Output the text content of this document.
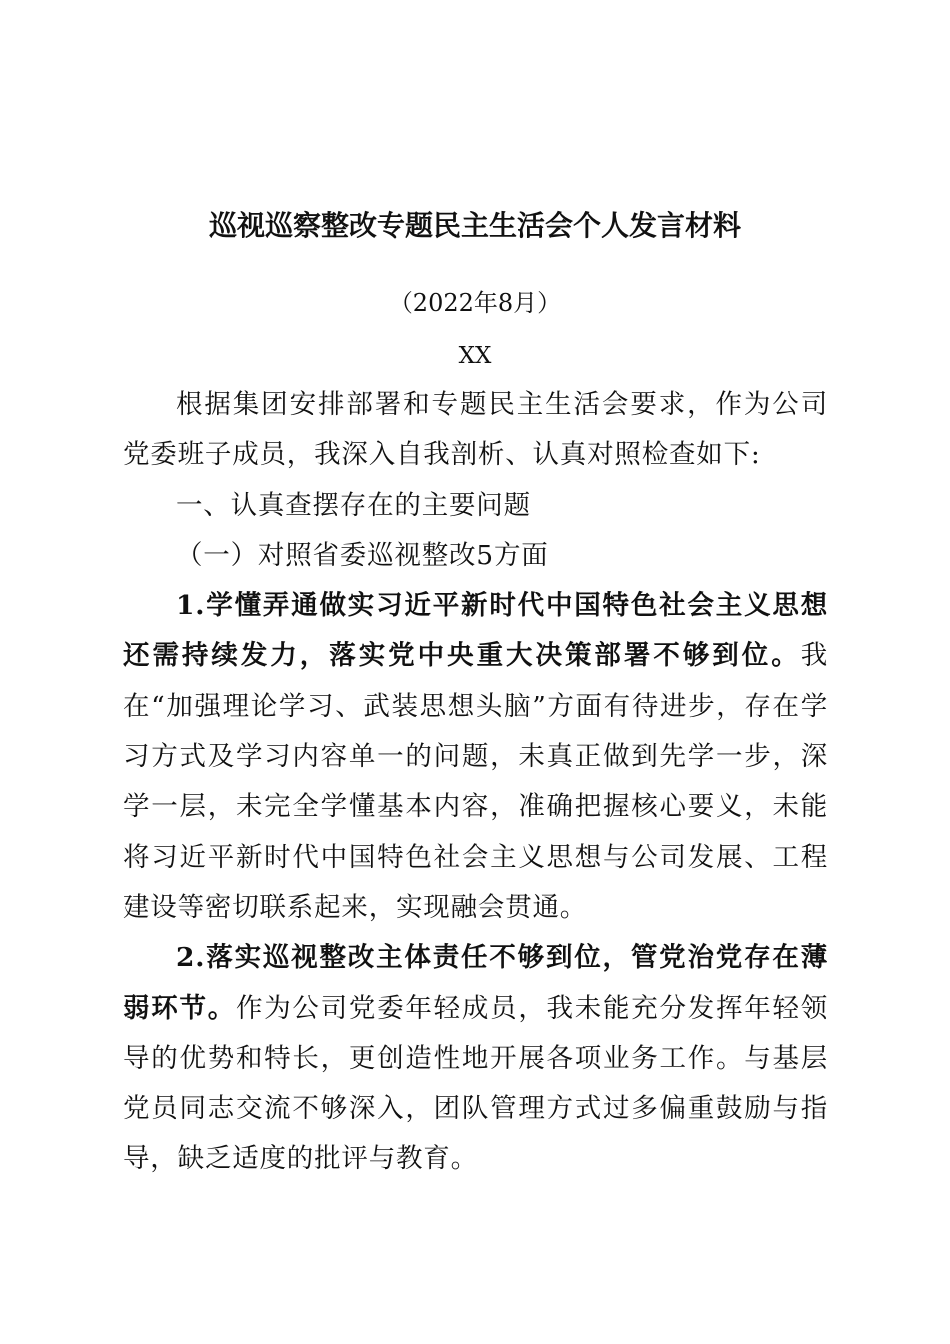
巡视巡察整改专题民主生活会个人发言材料
（2022年8月）
XX

根据集团安排部署和专题民主生活会要求，作为公司党委班子成员，我深入自我剖析、认真对照检查如下:

一、认真查摆存在的主要问题

（一）对照省委巡视整改5方面

1.学懂弄通做实习近平新时代中国特色社会主义思想还需持续发力，落实党中央重大决策部署不够到位。我在“加强理论学习、武装思想头脑”方面有待进步，存在学习方式及学习内容单一的问题，未真正做到先学一步，深学一层，未完全学懂基本内容，准确把握核心要义，未能将习近平新时代中国特色社会主义思想与公司发展、工程建设等密切联系起来，实现融会贯通。

2.落实巡视整改主体责任不够到位，管党治党存在薄弱环节。作为公司党委年轻成员，我未能充分发挥年轻领导的优势和特长，更创造性地开展各项业务工作。与基层党员同志交流不够深入，团队管理方式过多偏重鼓励与指导，缺乏适度的批评与教育。
